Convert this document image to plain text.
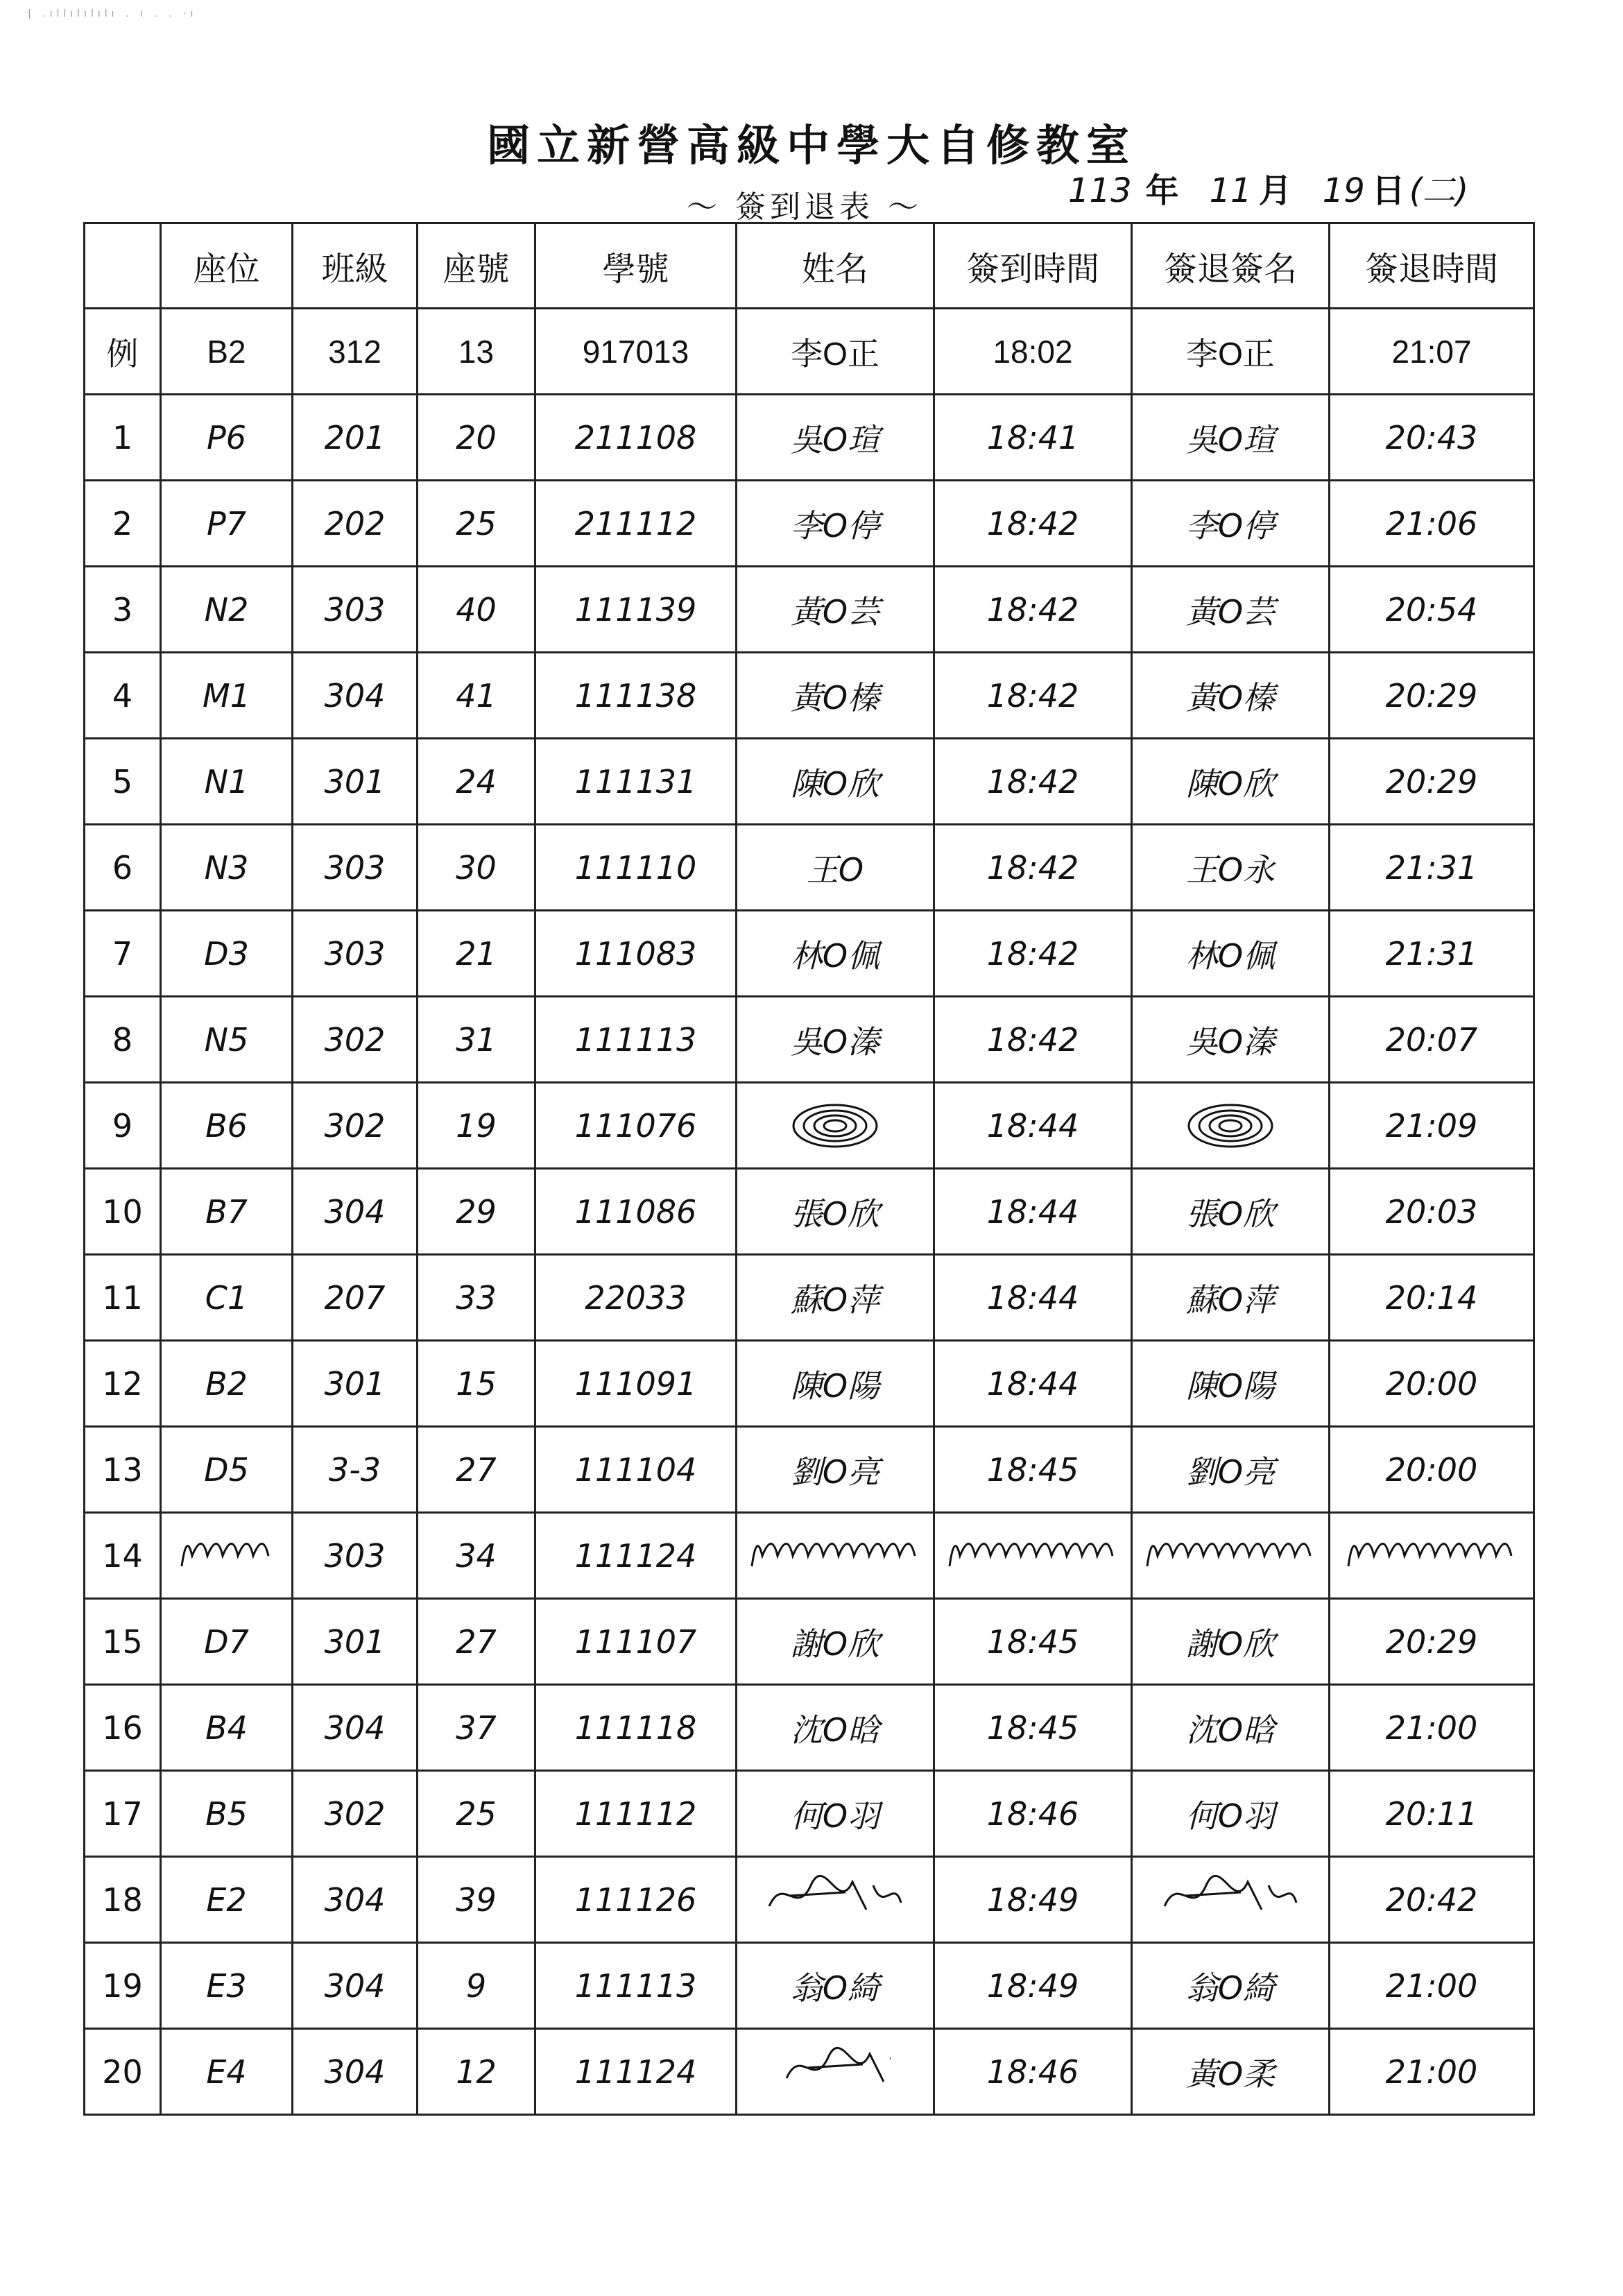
| .ıllılılılı . ı . . ·ı
國立新營高級中學大自修教室
～ 簽到退表 ～	113 年 11 月 19 日 (二)
	座位	班級	座號	學號	姓名	簽到時間	簽退簽名	簽退時間
例	B2	312	13	917013	李O正	18:02	李O正	21:07
1	P6	201	20	211108	吳O瑄	18:41	吳O瑄	20:43
2	P7	202	25	211112	李O停	18:42	李O停	21:06
3	N2	303	40	111139	黃O芸	18:42	黃O芸	20:54
4	M1	304	41	111138	黃O榛	18:42	黃O榛	20:29
5	N1	301	24	111131	陳O欣	18:42	陳O欣	20:29
6	N3	303	30	111110	王O	18:42	王O永	21:31
7	D3	303	21	111083	林O佩	18:42	林O佩	21:31
8	N5	302	31	111113	吳O溱	18:42	吳O溱	20:07
9	B6	302	19	111076		18:44		21:09
10	B7	304	29	111086	張O欣	18:44	張O欣	20:03
11	C1	207	33	22033	蘇O萍	18:44	蘇O萍	20:14
12	B2	301	15	111091	陳O陽	18:44	陳O陽	20:00
13	D5	3-3	27	111104	劉O亮	18:45	劉O亮	20:00
14		303	34	111124				
15	D7	301	27	111107	謝O欣	18:45	謝O欣	20:29
16	B4	304	37	111118	沈O晗	18:45	沈O晗	21:00
17	B5	302	25	111112	何O羽	18:46	何O羽	20:11
18	E2	304	39	111126		18:49		20:42
19	E3	304	9	111113	翁O綺	18:49	翁O綺	21:00
20	E4	304	12	111124		18:46	黃O柔	21:00
